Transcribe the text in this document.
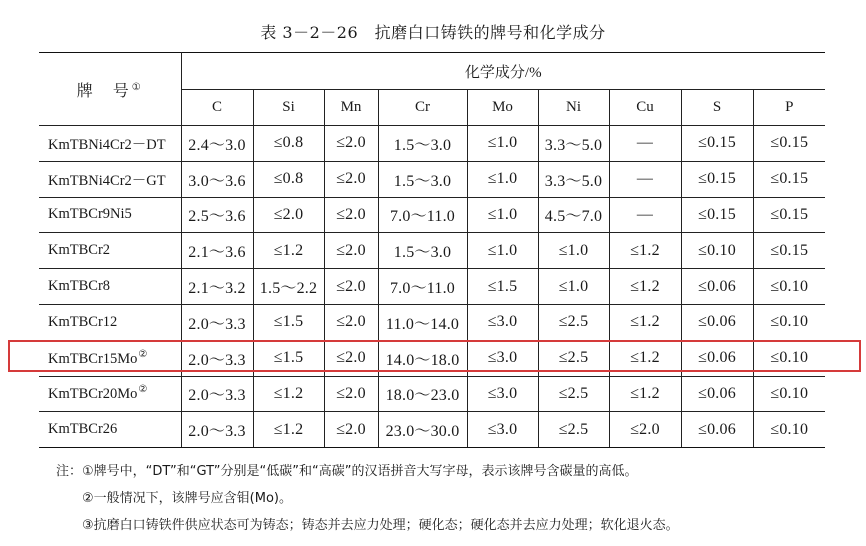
表 3－2－26　抗磨白口铸铁的牌号和化学成分
牌　号①	化学成分/%								
	C	Si	Mn	Cr	Mo	Ni	Cu	S	P
KmTBNi4Cr2－DT	2.4～3.0	≤0.8	≤2.0	1.5～3.0	≤1.0	3.3～5.0	—	≤0.15	≤0.15
KmTBNi4Cr2－GT	3.0～3.6	≤0.8	≤2.0	1.5～3.0	≤1.0	3.3～5.0	—	≤0.15	≤0.15
KmTBCr9Ni5	2.5～3.6	≤2.0	≤2.0	7.0～11.0	≤1.0	4.5～7.0	—	≤0.15	≤0.15
KmTBCr2	2.1～3.6	≤1.2	≤2.0	1.5～3.0	≤1.0	≤1.0	≤1.2	≤0.10	≤0.15
KmTBCr8	2.1～3.2	1.5～2.2	≤2.0	7.0～11.0	≤1.5	≤1.0	≤1.2	≤0.06	≤0.10
KmTBCr12	2.0～3.3	≤1.5	≤2.0	11.0～14.0	≤3.0	≤2.5	≤1.2	≤0.06	≤0.10
KmTBCr15Mo②	2.0～3.3	≤1.5	≤2.0	14.0～18.0	≤3.0	≤2.5	≤1.2	≤0.06	≤0.10
KmTBCr20Mo②	2.0～3.3	≤1.2	≤2.0	18.0～23.0	≤3.0	≤2.5	≤1.2	≤0.06	≤0.10
KmTBCr26	2.0～3.3	≤1.2	≤2.0	23.0～30.0	≤3.0	≤2.5	≤2.0	≤0.06	≤0.10
注：①牌号中，“DT”和“GT”分别是“低碳”和“高碳”的汉语拼音大写字母，表示该牌号含碳量的高低。
②一般情况下，该牌号应含钼(Mo)。
③抗磨白口铸铁件供应状态可为铸态；铸态并去应力处理；硬化态；硬化态并去应力处理；软化退火态。
